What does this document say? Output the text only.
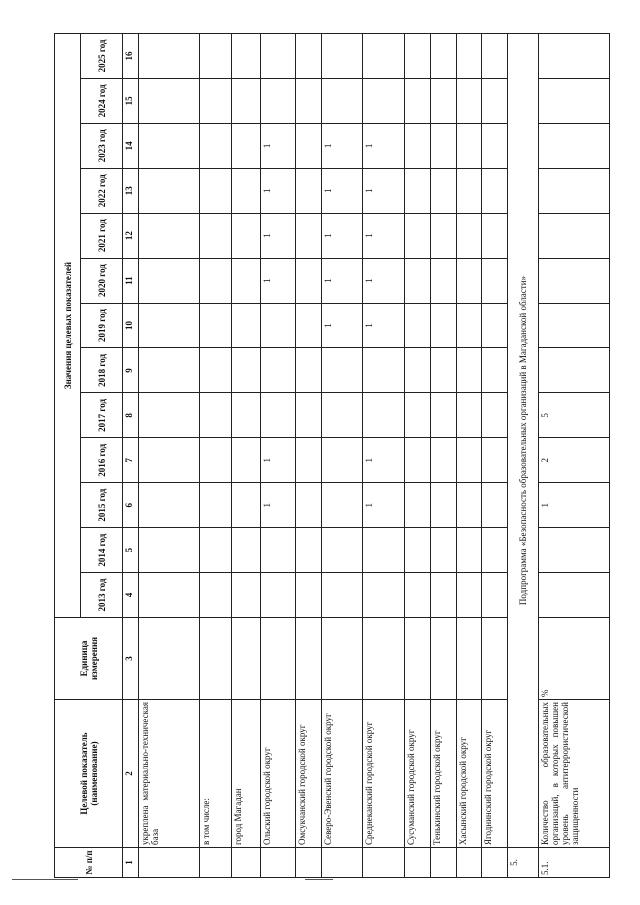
№ п/п	Целевой показатель (наименование)	Единица измерения	Значения целевых показателей												
			2013 год	2014 год	2015 год	2016 год	2017 год	2018 год	2019 год	2020 год	2021 год	2022 год	2023 год	2024 год	2025 год
1	2	3	4	5	6	7	8	9	10	11	12	13	14	15	16
	укреплена материально-техническая база														
	в том числе:														
	город Магадан														
	Ольский городской округ				1	1				1	1	1	1		
	Омсукчанский городской округ														
	Северо-Эвенский городской округ								1	1	1	1	1		
	Среднеканский городской округ				1	1			1	1	1	1	1		
	Сусуманский городской округ														
	Тенькинский городской округ														
	Хасынский городской округ														
	Ягоднинский городской округ														
5.	Подпрограмма «Безопасность образовательных организаций в Магаданской области»														
5.1.	Количество образовательных организаций, в которых повышен уровень антитеррористической защищенности	%			1	2	5								
